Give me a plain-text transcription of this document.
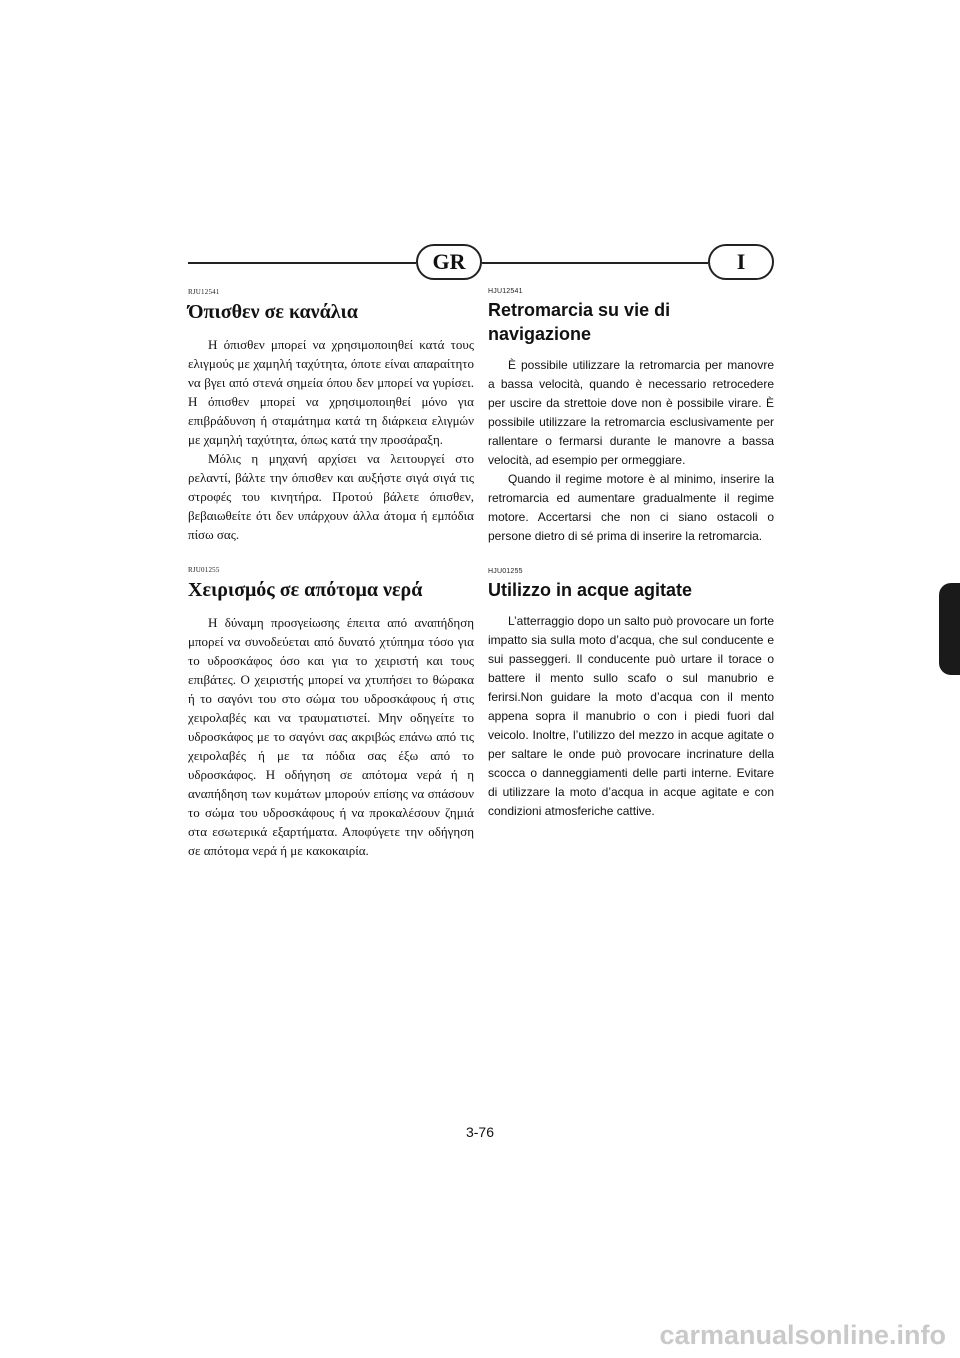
GR	I
RJU12541
Όπισθεν σε κανάλια

Η όπισθεν μπορεί να χρησιμοποιηθεί κατά τους ελιγμούς με χαμηλή ταχύτητα, όποτε είναι απαραίτητο να βγει από στενά σημεία όπου δεν μπορεί να γυρίσει. Η όπισθεν μπορεί να χρησιμοποιηθεί μόνο για επιβράδυνση ή σταμάτημα κατά τη διάρκεια ελιγμών με χαμηλή ταχύτητα, όπως κατά την προσάραξη.

Μόλις η μηχανή αρχίσει να λειτουργεί στο ρελαντί, βάλτε την όπισθεν και αυξήστε σιγά σιγά τις στροφές του κινητήρα. Προτού βάλετε όπισθεν, βεβαιωθείτε ότι δεν υπάρχουν άλλα άτομα ή εμπόδια πίσω σας.

RJU01255
Χειρισμός σε απότομα νερά

Η δύναμη προσγείωσης έπειτα από αναπήδηση μπορεί να συνοδεύεται από δυνατό χτύπημα τόσο για το υδροσκάφος όσο και για το χειριστή και τους επιβάτες. Ο χειριστής μπορεί να χτυπήσει το θώρακα ή το σαγόνι του στο σώμα του υδροσκάφους ή στις χειρολαβές και να τραυματιστεί. Μην οδηγείτε το υδροσκάφος με το σαγόνι σας ακριβώς επάνω από τις χειρολαβές ή με τα πόδια σας έξω από το υδροσκάφος. Η οδήγηση σε απότομα νερά ή η αναπήδηση των κυμάτων μπορούν επίσης να σπάσουν το σώμα του υδροσκάφους ή να προκαλέσουν ζημιά στα εσωτερικά εξαρτήματα. Αποφύγετε την οδήγηση σε απότομα νερά ή με κακοκαιρία.

HJU12541
Retromarcia su vie di navigazione

È possibile utilizzare la retromarcia per manovre a bassa velocità, quando è necessario retrocedere per uscire da strettoie dove non è possibile virare. È possibile utilizzare la retromarcia esclusivamente per rallentare o fermarsi durante le manovre a bassa velocità, ad esempio per ormeggiare.

Quando il regime motore è al minimo, inserire la retromarcia ed aumentare gradualmente il regime motore. Accertarsi che non ci siano ostacoli o persone dietro di sé prima di inserire la retromarcia.

HJU01255
Utilizzo in acque agitate

L’atterraggio dopo un salto può provocare un forte impatto sia sulla moto d’acqua, che sul conducente e sui passeggeri. Il conducente può urtare il torace o battere il mento sullo scafo o sul manubrio e ferirsi.Non guidare la moto d’acqua con il mento appena sopra il manubrio o con i piedi fuori dal veicolo. Inoltre, l’utilizzo del mezzo in acque agitate o per saltare le onde può provocare incrinature della scocca o danneggiamenti delle parti interne. Evitare di utilizzare la moto d’acqua in acque agitate e con condizioni atmosferiche cattive.

3-76
carmanualsonline.info
